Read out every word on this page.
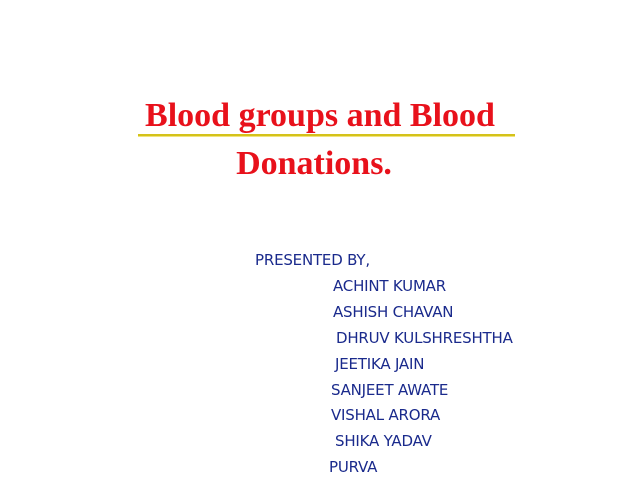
Blood groups and Blood
Donations.
PRESENTED BY,
ACHINT KUMAR
ASHISH CHAVAN
DHRUV KULSHRESHTHA
JEETIKA JAIN
SANJEET AWATE
VISHAL ARORA
SHIKA YADAV
PURVA
